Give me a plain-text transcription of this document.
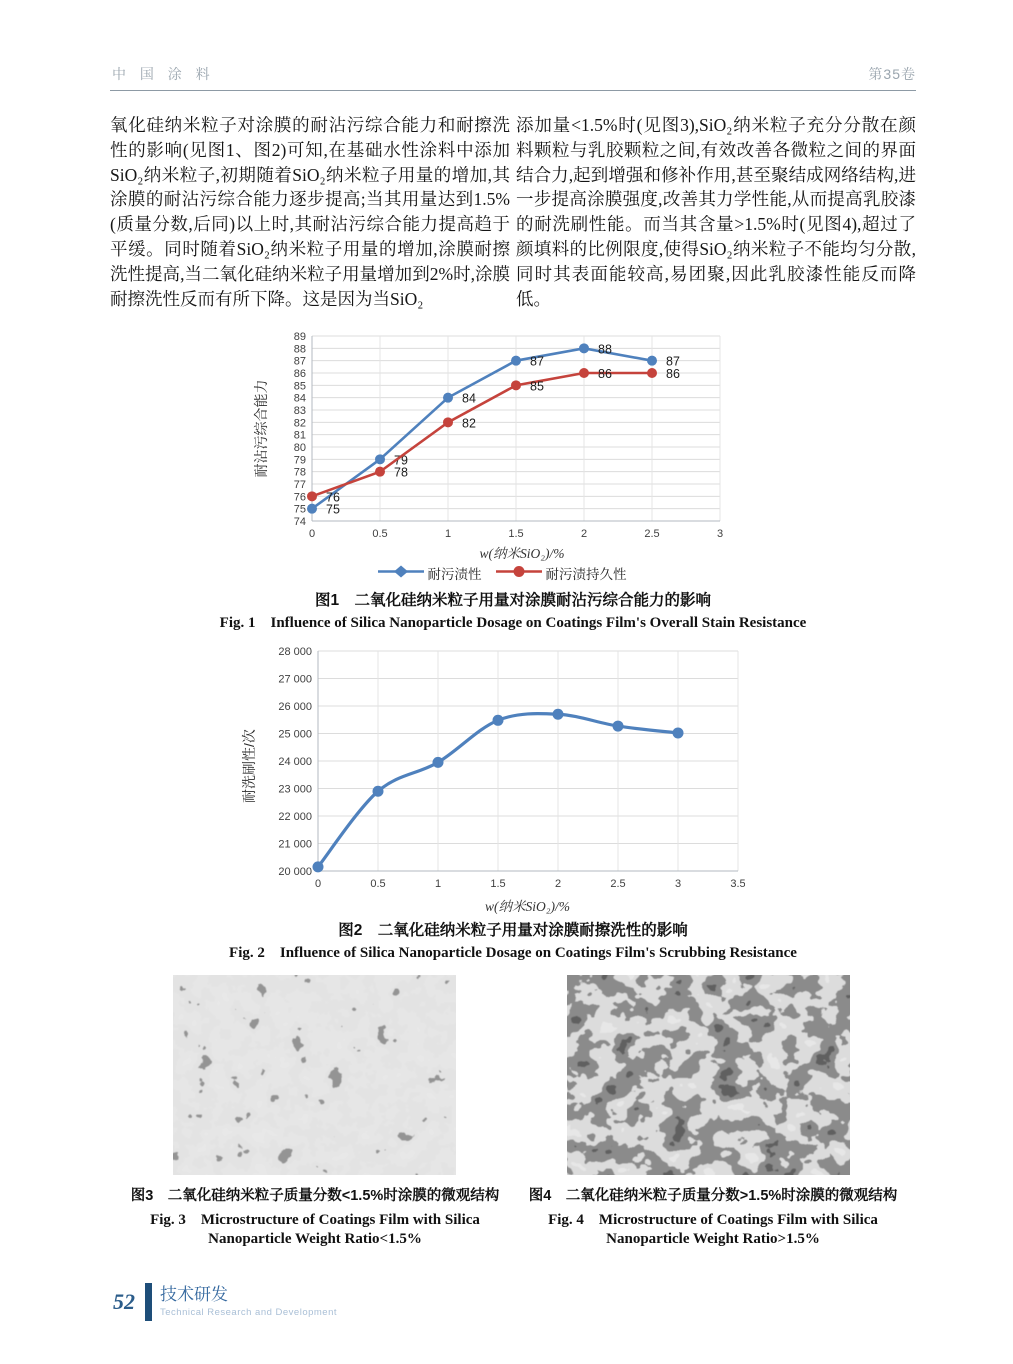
中 国 涂 料	第35卷
氧化硅纳米粒子对涂膜的耐沾污综合能力和耐擦洗性的影响(见图1、图2)可知,在基础水性涂料中添加SiO₂纳米粒子,初期随着SiO₂纳米粒子用量的增加,其涂膜的耐沾污综合能力逐步提高;当其用量达到1.5%(质量分数,后同)以上时,其耐沾污综合能力提高趋于平缓。同时随着SiO₂纳米粒子用量的增加,涂膜耐擦洗性提高,当二氧化硅纳米粒子用量增加到2%时,涂膜耐擦洗性反而有所下降。这是因为当SiO₂
添加量<1.5%时(见图3),SiO₂纳米粒子充分分散在颜料颗粒与乳胶颗粒之间,有效改善各微粒之间的界面结合力,起到增强和修补作用,甚至聚结成网络结构,进一步提高涂膜强度,改善其力学性能,从而提高乳胶漆的耐洗刷性能。而当其含量>1.5%时(见图4),超过了颜填料的比例限度,使得SiO₂纳米粒子不能均匀分散,同时其表面能较高,易团聚,因此乳胶漆性能反而降低。
74
75
76
77
78
79
80
81
82
83
84
85
86
87
88
89
0	0.5	1	1.5	2	2.5	3
耐沾污综合能力
75
79
84
87
88
87
76
78
82
85
86	86
w(纳米SiO₂)/%
耐污渍性	耐污渍持久性
图1　二氧化硅纳米粒子用量对涂膜耐沾污综合能力的影响
Fig. 1　Influence of Silica Nanoparticle Dosage on Coatings Film's Overall Stain Resistance
20 000
21 000
22 000
23 000
24 000
25 000
26 000
27 000
28 000
0	0.5	1	1.5	2	2.5	3	3.5
耐洗刷性/次
w(纳米SiO₂)/%
图2　二氧化硅纳米粒子用量对涂膜耐擦洗性的影响
Fig. 2　Influence of Silica Nanoparticle Dosage on Coatings Film's Scrubbing Resistance
图3　二氧化硅纳米粒子质量分数<1.5%时涂膜的微观结构
Fig. 3　Microstructure of Coatings Film with Silica
Nanoparticle Weight Ratio<1.5%
图4　二氧化硅纳米粒子质量分数>1.5%时涂膜的微观结构
Fig. 4　Microstructure of Coatings Film with Silica
Nanoparticle Weight Ratio>1.5%
52 技术研发
Technical Research and Development
